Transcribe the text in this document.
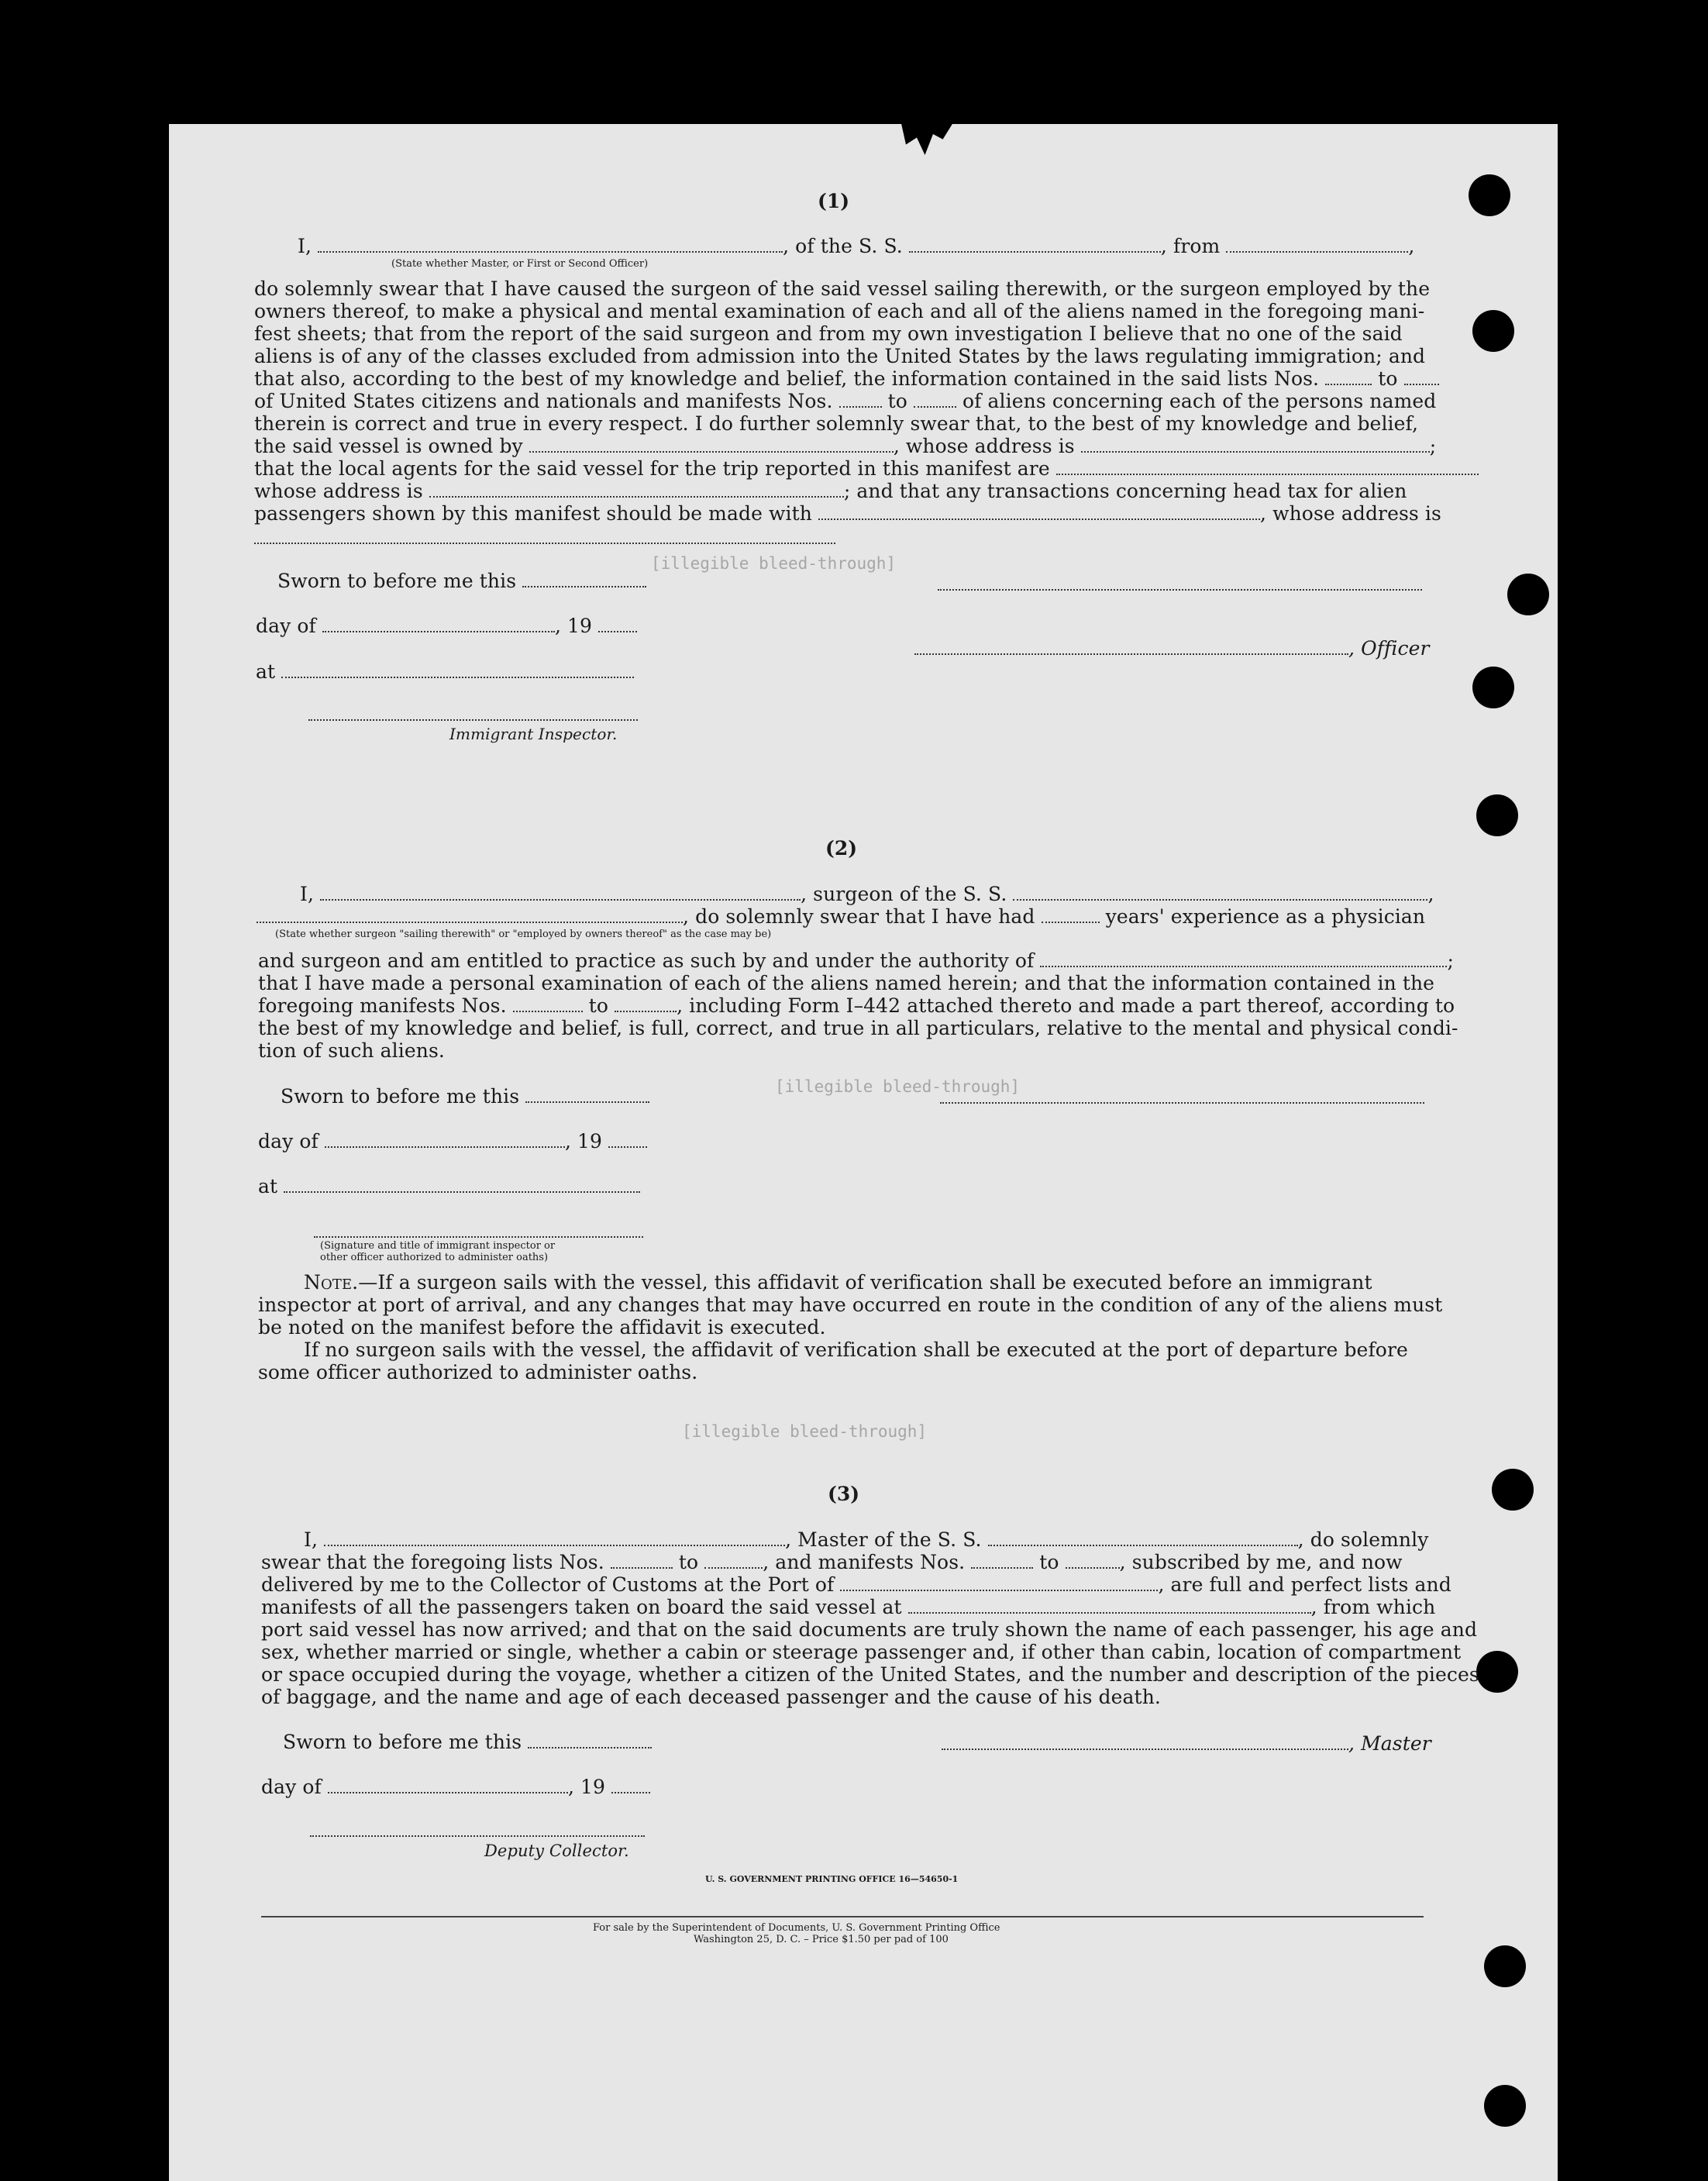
[illegible bleed-through]
[illegible bleed-through]
[illegible bleed-through]
(1)
I,	, of the S. S.	, from	,
(State whether Master, or First or Second Officer)
do solemnly swear that I have caused the surgeon of the said vessel sailing therewith, or the surgeon employed by the
owners thereof, to make a physical and mental examination of each and all of the aliens named in the foregoing mani-
fest sheets; that from the report of the said surgeon and from my own investigation I believe that no one of the said
aliens is of any of the classes excluded from admission into the United States by the laws regulating immigration; and
that also, according to the best of my knowledge and belief, the information contained in the said lists Nos.	to
of United States citizens and nationals and manifests Nos.	to	of aliens concerning each of the persons named
therein is correct and true in every respect. I do further solemnly swear that, to the best of my knowledge and belief,
the said vessel is owned by	, whose address is	;
that the local agents for the said vessel for the trip reported in this manifest are
whose address is	; and that any transactions concerning head tax for alien
passengers shown by this manifest should be made with	, whose address is
Sworn to before me this
day of	, 19
, Officer
at
Immigrant Inspector.
(2)
I,	, surgeon of the S. S.	,
, do solemnly swear that I have had	years' experience as a physician
(State whether surgeon "sailing therewith" or "employed by owners thereof" as the case may be)
and surgeon and am entitled to practice as such by and under the authority of	;
that I have made a personal examination of each of the aliens named herein; and that the information contained in the
foregoing manifests Nos.	to	, including Form I–442 attached thereto and made a part thereof, according to
the best of my knowledge and belief, is full, correct, and true in all particulars, relative to the mental and physical condi-
tion of such aliens.
Sworn to before me this
day of	, 19
at
(Signature and title of immigrant inspector or
other officer authorized to administer oaths)
Note.—If a surgeon sails with the vessel, this affidavit of verification shall be executed before an immigrant
inspector at port of arrival, and any changes that may have occurred en route in the condition of any of the aliens must
be noted on the manifest before the affidavit is executed.
If no surgeon sails with the vessel, the affidavit of verification shall be executed at the port of departure before
some officer authorized to administer oaths.
(3)
I,	, Master of the S. S.	, do solemnly
swear that the foregoing lists Nos.	to	, and manifests Nos.	to	, subscribed by me, and now
delivered by me to the Collector of Customs at the Port of	, are full and perfect lists and
manifests of all the passengers taken on board the said vessel at	, from which
port said vessel has now arrived; and that on the said documents are truly shown the name of each passenger, his age and
sex, whether married or single, whether a cabin or steerage passenger and, if other than cabin, location of compartment
or space occupied during the voyage, whether a citizen of the United States, and the number and description of the pieces
of baggage, and the name and age of each deceased passenger and the cause of his death.
Sworn to before me this	, Master
day of	, 19
Deputy Collector.
U. S. GOVERNMENT PRINTING OFFICE 16—54650-1
For sale by the Superintendent of Documents, U. S. Government Printing Office
Washington 25, D. C. – Price $1.50 per pad of 100
